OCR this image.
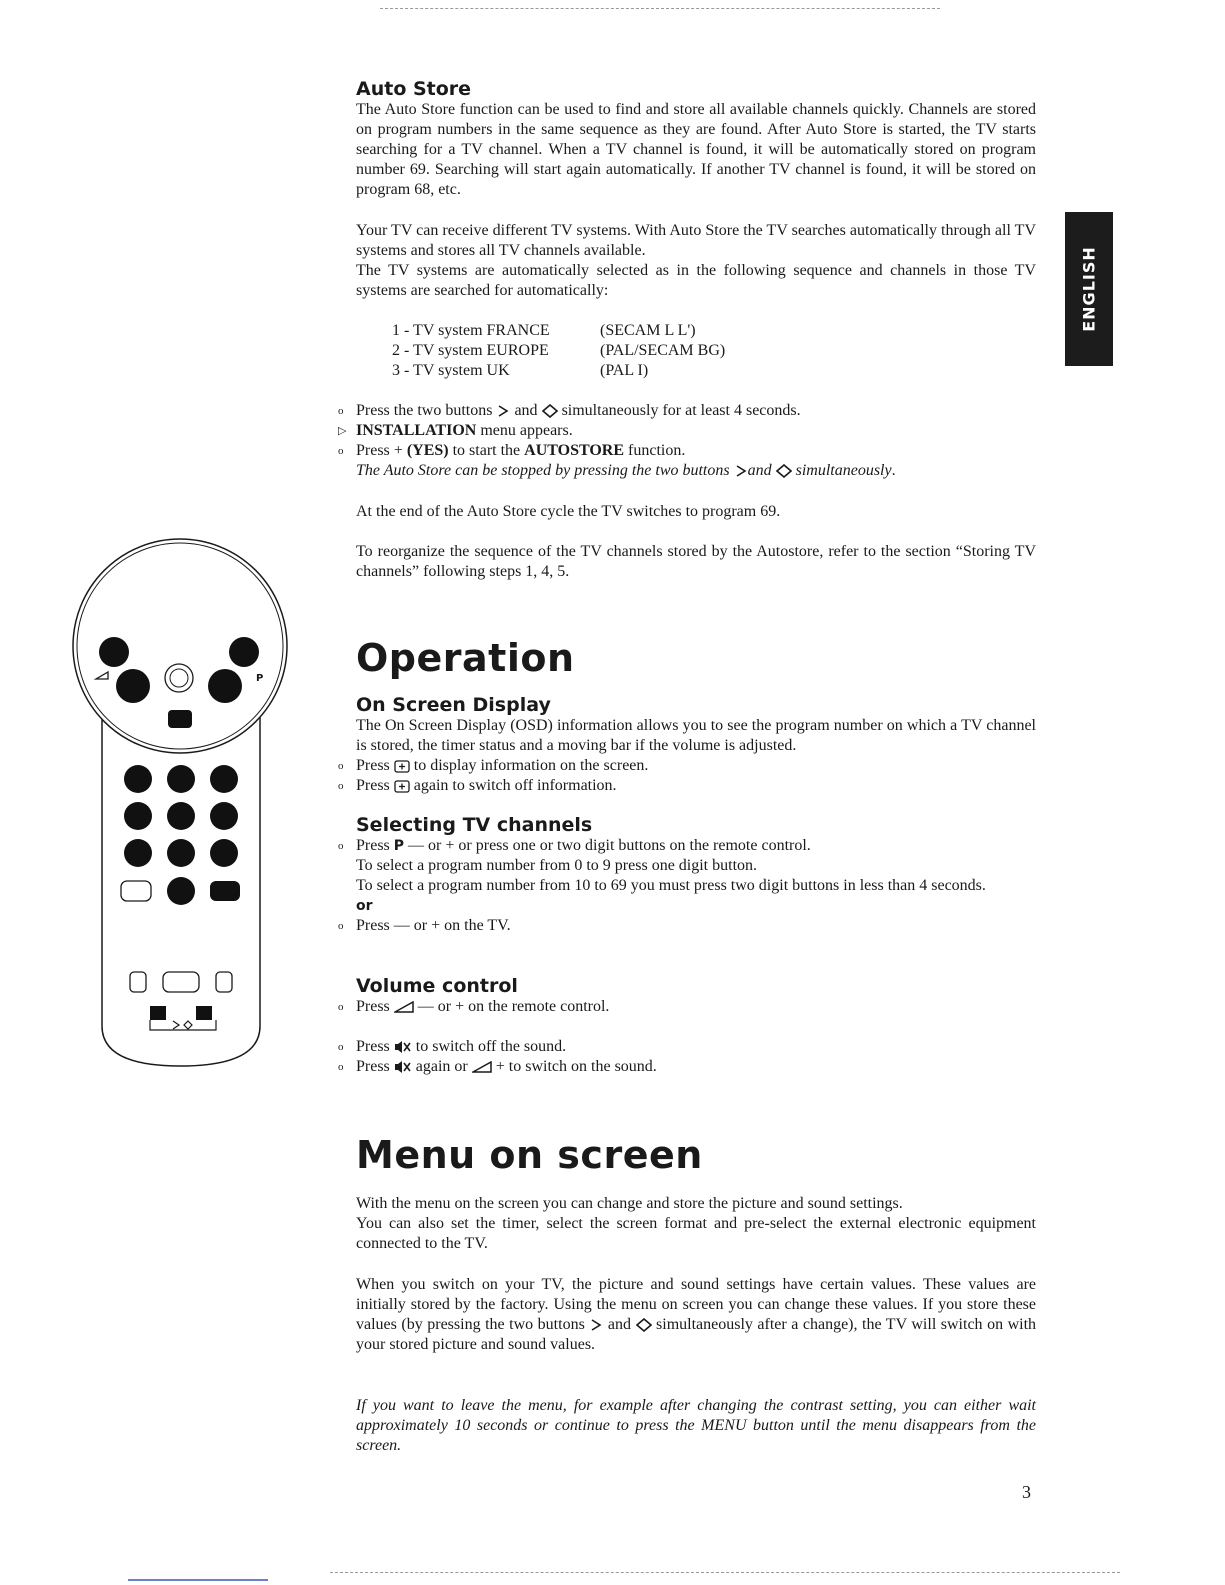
ENGLISH
Auto Store

The Auto Store function can be used to find and store all available channels quickly. Channels are stored on program numbers in the same sequence as they are found. After Auto Store is started, the TV starts searching for a TV channel. When a TV channel is found, it will be automatically stored on program number 69. Searching will start again automatically. If another TV channel is found, it will be stored on program 68, etc.

Your TV can receive different TV systems. With Auto Store the TV searches automatically through all TV systems and stores all TV channels available.

The TV systems are automatically selected as in the following sequence and channels in those TV systems are searched for automatically:

1 - TV system FRANCE	(SECAM L L')
2 - TV system EUROPE	(PAL/SECAM BG)
3 - TV system UK	(PAL I)
o Press the two buttons and simultaneously for at least 4 seconds.
▷ INSTALLATION menu appears.
o Press + (YES) to start the AUTOSTORE function.
The Auto Store can be stopped by pressing the two buttons and simultaneously.

At the end of the Auto Store cycle the TV switches to program 69.

To reorganize the sequence of the TV channels stored by the Autostore, refer to the section “Storing TV channels” following steps 1, 4, 5.

Operation
On Screen Display

The On Screen Display (OSD) information allows you to see the program number on which a TV channel is stored, the timer status and a moving bar if the volume is adjusted.

o Press to display information on the screen.
o Press again to switch off information.
Selecting TV channels
o Press P — or + or press one or two digit buttons on the remote control.

To select a program number from 0 to 9 press one digit button.

To select a program number from 10 to 69 you must press two digit buttons in less than 4 seconds.

or

o Press — or + on the TV.
Volume control
o Press — or + on the remote control.
o Press to switch off the sound.
o Press again or + to switch on the sound.
Menu on screen

With the menu on the screen you can change and store the picture and sound settings.

You can also set the timer, select the screen format and pre-select the external electronic equipment connected to the TV.

When you switch on your TV, the picture and sound settings have certain values. These values are initially stored by the factory. Using the menu on screen you can change these values. If you store these values (by pressing the two buttons and simultaneously after a change), the TV will switch on with your stored picture and sound values.

If you want to leave the menu, for example after changing the contrast setting, you can either wait approximately 10 seconds or continue to press the MENU button until the menu disappears from the screen.

3
P
